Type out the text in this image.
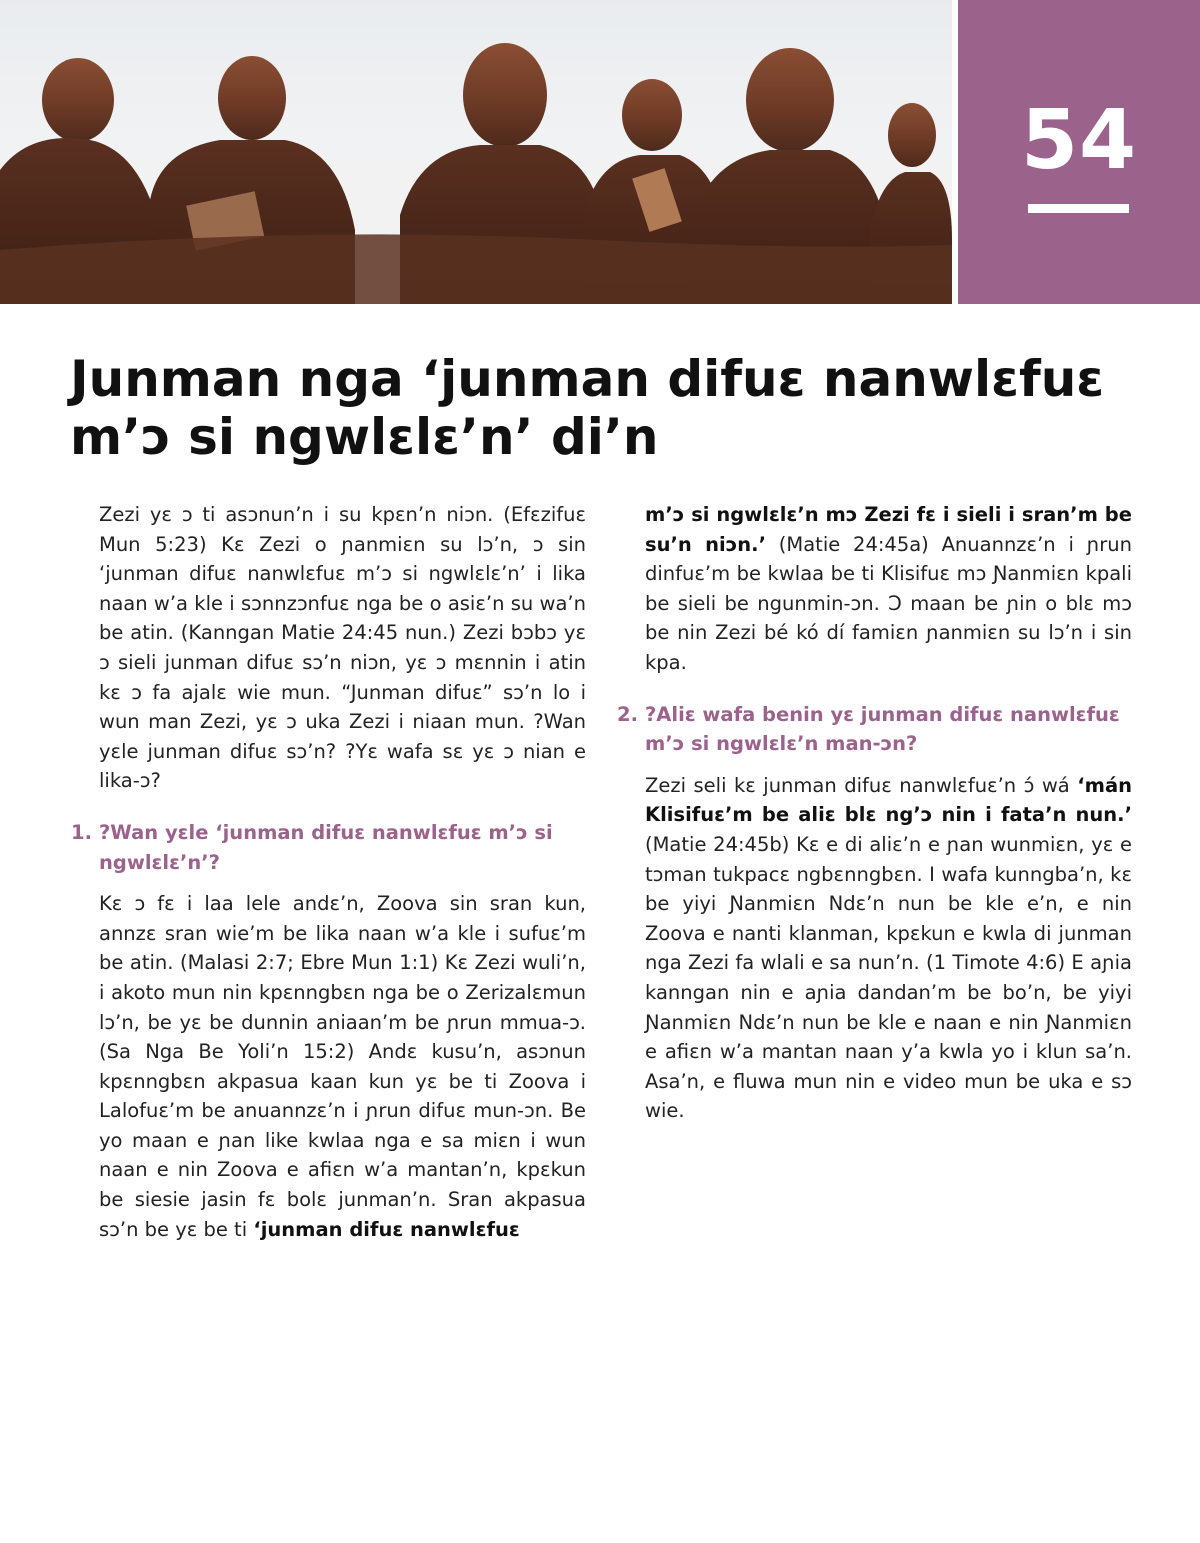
54
Junman nga ‘junman difuɛ nanwlɛfuɛ
m’ɔ si ngwlɛlɛ’n’ di’n

Zezi yɛ ɔ ti asɔnun’n i su kpɛn’n niɔn. (Efɛzifuɛ Mun 5:23) Kɛ Zezi o ɲanmiɛn su lɔ’n, ɔ sin ‘junman difuɛ nanwlɛfuɛ m’ɔ si ngwlɛlɛ’n’ i lika naan w’a kle i sɔnnzɔnfuɛ nga be o asiɛ’n su wa’n be atin. (Kanngan Matie 24:45 nun.) Zezi bɔbɔ yɛ ɔ sieli junman difuɛ sɔ’n niɔn, yɛ ɔ mɛnnin i atin kɛ ɔ fa ajalɛ wie mun. “Junman difuɛ” sɔ’n lo i wun man Zezi, yɛ ɔ uka Zezi i niaan mun. ?Wan yɛle junman difuɛ sɔ’n? ?Yɛ wafa sɛ yɛ ɔ nian e lika-ɔ?

1. ?Wan yɛle ‘junman difuɛ nanwlɛfuɛ m’ɔ si ngwlɛlɛ’n’?

Kɛ ɔ fɛ i laa lele andɛ’n, Zoova sin sran kun, annzɛ sran wie’m be lika naan w’a kle i sufuɛ’m be atin. (Malasi 2:7; Ebre Mun 1:1) Kɛ Zezi wuli’n, i akoto mun nin kpɛnngbɛn nga be o Zerizalɛmun lɔ’n, be yɛ be dunnin aniaan’m be ɲrun mmua-ɔ. (Sa Nga Be Yoli’n 15:2) Andɛ kusu’n, asɔnun kpɛnngbɛn akpasua kaan kun yɛ be ti Zoova i Lalofuɛ’m be anuannzɛ’n i ɲrun difuɛ mun-ɔn. Be yo maan e ɲan like kwlaa nga e sa miɛn i wun naan e nin Zoova e afiɛn w’a mantan’n, kpɛkun be siesie jasin fɛ bolɛ junman’n. Sran akpasua sɔ’n be yɛ be ti ‘junman difuɛ nanwlɛfuɛ

m’ɔ si ngwlɛlɛ’n mɔ Zezi fɛ i sieli i sran’m be su’n niɔn.’ (Matie 24:45a) Anuannzɛ’n i ɲrun dinfuɛ’m be kwlaa be ti Klisifuɛ mɔ Ɲanmiɛn kpali be sieli be ngunmin-ɔn. Ɔ maan be ɲin o blɛ mɔ be nin Zezi bé kó dí famiɛn ɲanmiɛn su lɔ’n i sin kpa.

2. ?Aliɛ wafa benin yɛ junman difuɛ nanwlɛfuɛ m’ɔ si ngwlɛlɛ’n man-ɔn?

Zezi seli kɛ junman difuɛ nanwlɛfuɛ’n ɔ́ wá ‘mán Klisifuɛ’m be aliɛ blɛ ng’ɔ nin i fata’n nun.’ (Matie 24:45b) Kɛ e di aliɛ’n e ɲan wunmiɛn, yɛ e tɔman tukpacɛ ngbɛnngbɛn. I wafa kunngba’n, kɛ be yiyi Ɲanmiɛn Ndɛ’n nun be kle e’n, e nin Zoova e nanti klanman, kpɛkun e kwla di junman nga Zezi fa wlali e sa nun’n. (1 Timote 4:6) E aɲia kanngan nin e aɲia dandan’m be bo’n, be yiyi Ɲanmiɛn Ndɛ’n nun be kle e naan e nin Ɲanmiɛn e afiɛn w’a mantan naan y’a kwla yo i klun sa’n. Asa’n, e fluwa mun nin e video mun be uka e sɔ wie.
